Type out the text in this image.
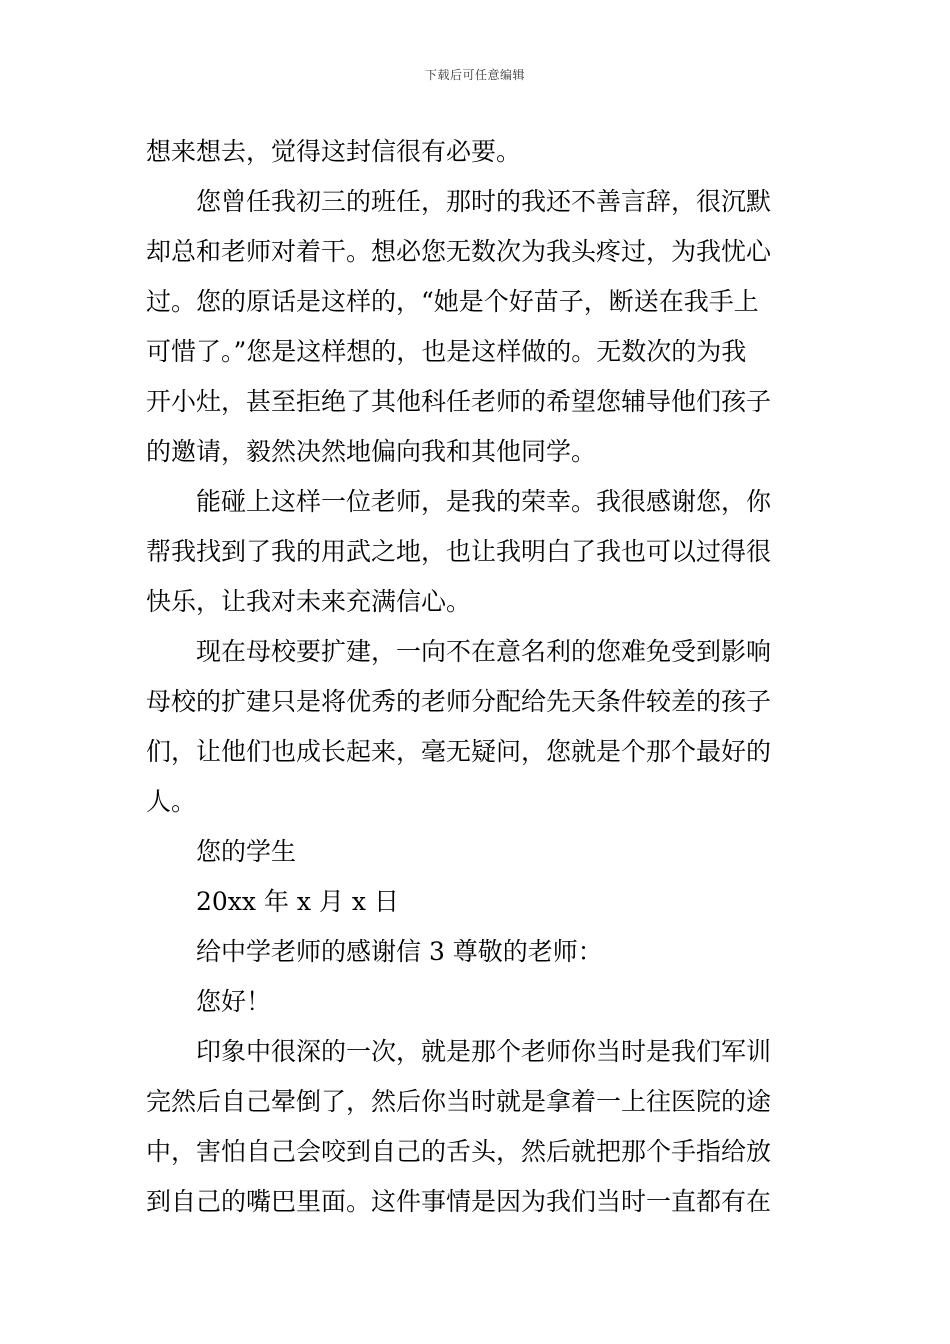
下载后可任意编辑
想来想去，觉得这封信很有必要。
您曾任我初三的班任，那时的我还不善言辞，很沉默
却总和老师对着干。想必您无数次为我头疼过，为我忧心
过。您的原话是这样的，“她是个好苗子，断送在我手上
可惜了。”您是这样想的，也是这样做的。无数次的为我
开小灶，甚至拒绝了其他科任老师的希望您辅导他们孩子
的邀请，毅然决然地偏向我和其他同学。
能碰上这样一位老师，是我的荣幸。我很感谢您，你
帮我找到了我的用武之地，也让我明白了我也可以过得很
快乐，让我对未来充满信心。
现在母校要扩建，一向不在意名利的您难免受到影响
母校的扩建只是将优秀的老师分配给先天条件较差的孩子
们，让他们也成长起来，毫无疑问，您就是个那个最好的
人。
您的学生
20xx 年 x 月 x 日
给中学老师的感谢信 3 尊敬的老师：
您好！
印象中很深的一次，就是那个老师你当时是我们军训
完然后自己晕倒了，然后你当时就是拿着一上往医院的途
中，害怕自己会咬到自己的舌头，然后就把那个手指给放
到自己的嘴巴里面。这件事情是因为我们当时一直都有在
